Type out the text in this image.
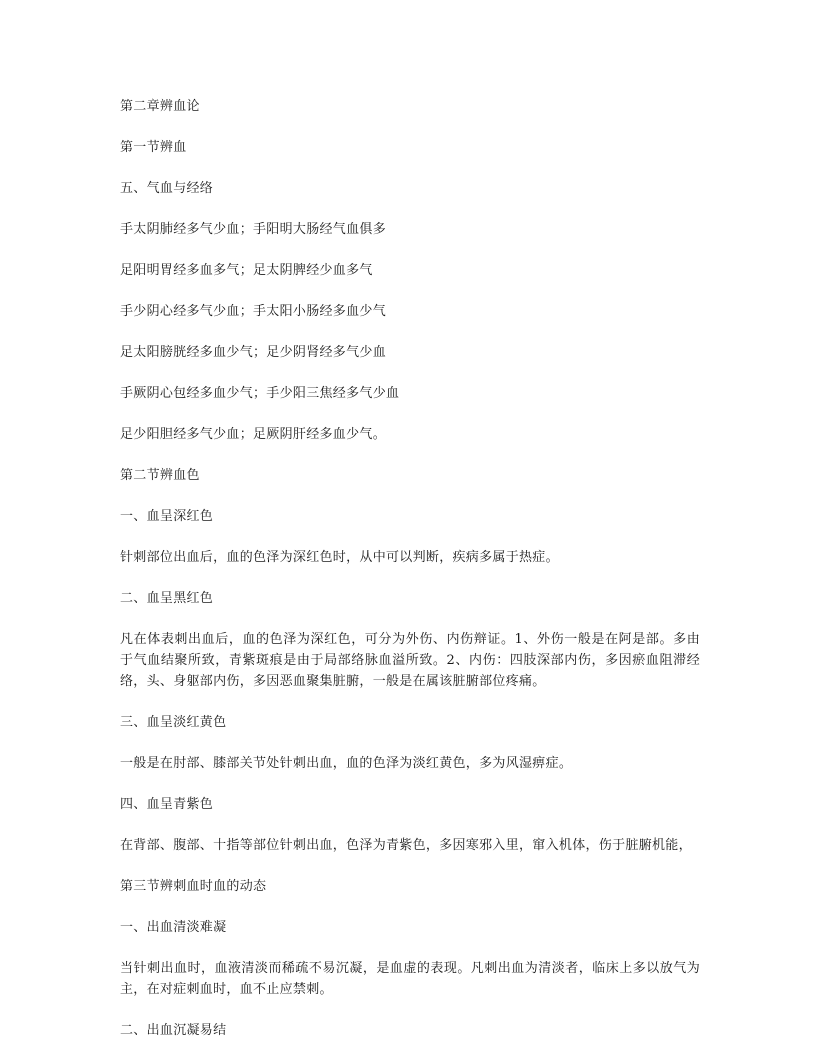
第二章辨血论

第一节辨血

五、气血与经络

手太阴肺经多气少血；手阳明大肠经气血俱多

足阳明胃经多血多气；足太阴脾经少血多气

手少阴心经多气少血；手太阳小肠经多血少气

足太阳膀胱经多血少气；足少阴肾经多气少血

手厥阴心包经多血少气；手少阳三焦经多气少血

足少阳胆经多气少血；足厥阴肝经多血少气。

第二节辨血色

一、血呈深红色

针刺部位出血后，血的色泽为深红色时，从中可以判断，疾病多属于热症。

二、血呈黑红色

凡在体表刺出血后，血的色泽为深红色，可分为外伤、内伤辩证。1、外伤一般是在阿是部。多由于气血结聚所致，青紫斑痕是由于局部络脉血溢所致。2、内伤：四肢深部内伤，多因瘀血阻滞经络，头、身躯部内伤，多因恶血聚集脏腑，一般是在属该脏腑部位疼痛。

三、血呈淡红黄色

一般是在肘部、膝部关节处针刺出血，血的色泽为淡红黄色，多为风湿痹症。

四、血呈青紫色

在背部、腹部、十指等部位针刺出血，色泽为青紫色，多因寒邪入里，窜入机体，伤于脏腑机能，

第三节辨刺血时血的动态

一、出血清淡难凝

当针刺出血时，血液清淡而稀疏不易沉凝，是血虚的表现。凡刺出血为清淡者，临床上多以放气为主，在对症刺血时，血不止应禁刺。

二、出血沉凝易结
